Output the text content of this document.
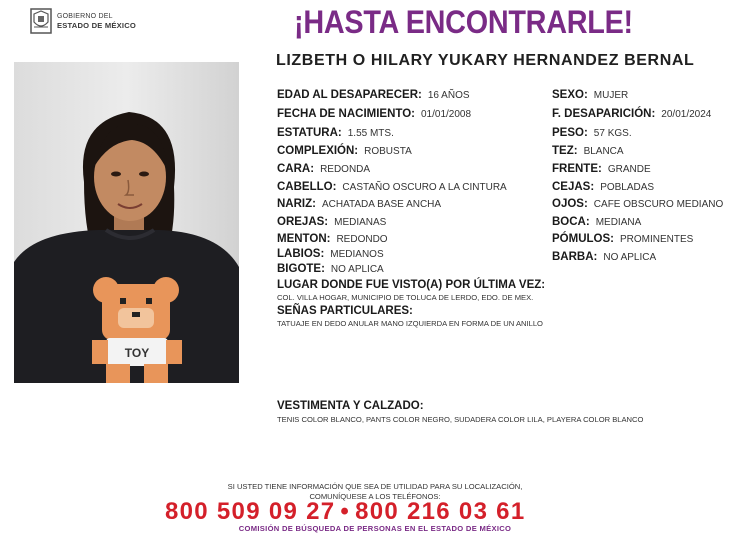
GOBIERNO DEL
ESTADO DE MÉXICO	¡HASTA ENCONTRARLE!
LIZBETH O HILARY YUKARY HERNANDEZ BERNAL
TOY
EDAD AL DESAPARECER: 16 AÑOS
FECHA DE NACIMIENTO: 01/01/2008
ESTATURA: 1.55 MTS.
COMPLEXIÓN: ROBUSTA
CARA: REDONDA
CABELLO: CASTAÑO OSCURO A LA CINTURA
NARIZ: ACHATADA BASE ANCHA
OREJAS: MEDIANAS
MENTON: REDONDO
LABIOS: MEDIANOS
BIGOTE: NO APLICA
SEXO: MUJER
F. DESAPARICIÓN: 20/01/2024
PESO: 57 KGS.
TEZ: BLANCA
FRENTE: GRANDE
CEJAS: POBLADAS
OJOS: CAFE OBSCURO MEDIANO
BOCA: MEDIANA
PÓMULOS: PROMINENTES
BARBA: NO APLICA
LUGAR DONDE FUE VISTO(A) POR ÚLTIMA VEZ:
COL. VILLA HOGAR, MUNICIPIO DE TOLUCA DE LERDO, EDO. DE MEX.
SEÑAS PARTICULARES:
TATUAJE EN DEDO ANULAR MANO IZQUIERDA EN FORMA DE UN ANILLO
VESTIMENTA Y CALZADO:
TENIS COLOR BLANCO, PANTS COLOR NEGRO, SUDADERA COLOR LILA, PLAYERA COLOR BLANCO
SI USTED TIENE INFORMACIÓN QUE SEA DE UTILIDAD PARA SU LOCALIZACIÓN,
COMUNÍQUESE A LOS TELÉFONOS:
800 509 09 27 • 800 216 03 61
COMISIÓN DE BÚSQUEDA DE PERSONAS EN EL ESTADO DE MÉXICO
